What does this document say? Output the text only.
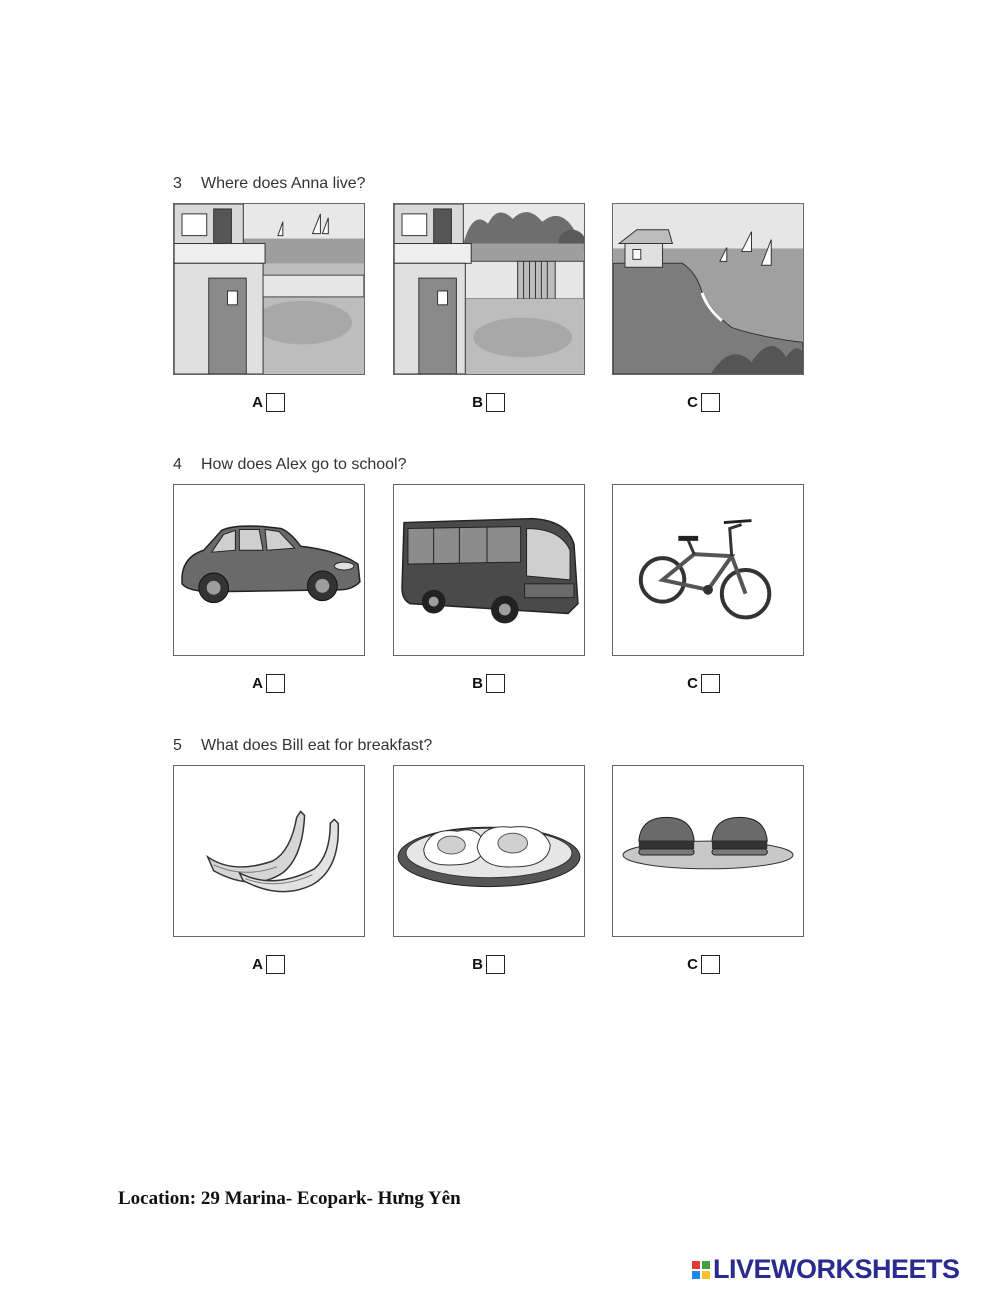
3 Where does Anna live?
A	B	C
4 How does Alex go to school?
A	B	C
5 What does Bill eat for breakfast?
A	B	C
Location: 29 Marina- Ecopark- Hưng Yên
LIVEWORKSHEETS
